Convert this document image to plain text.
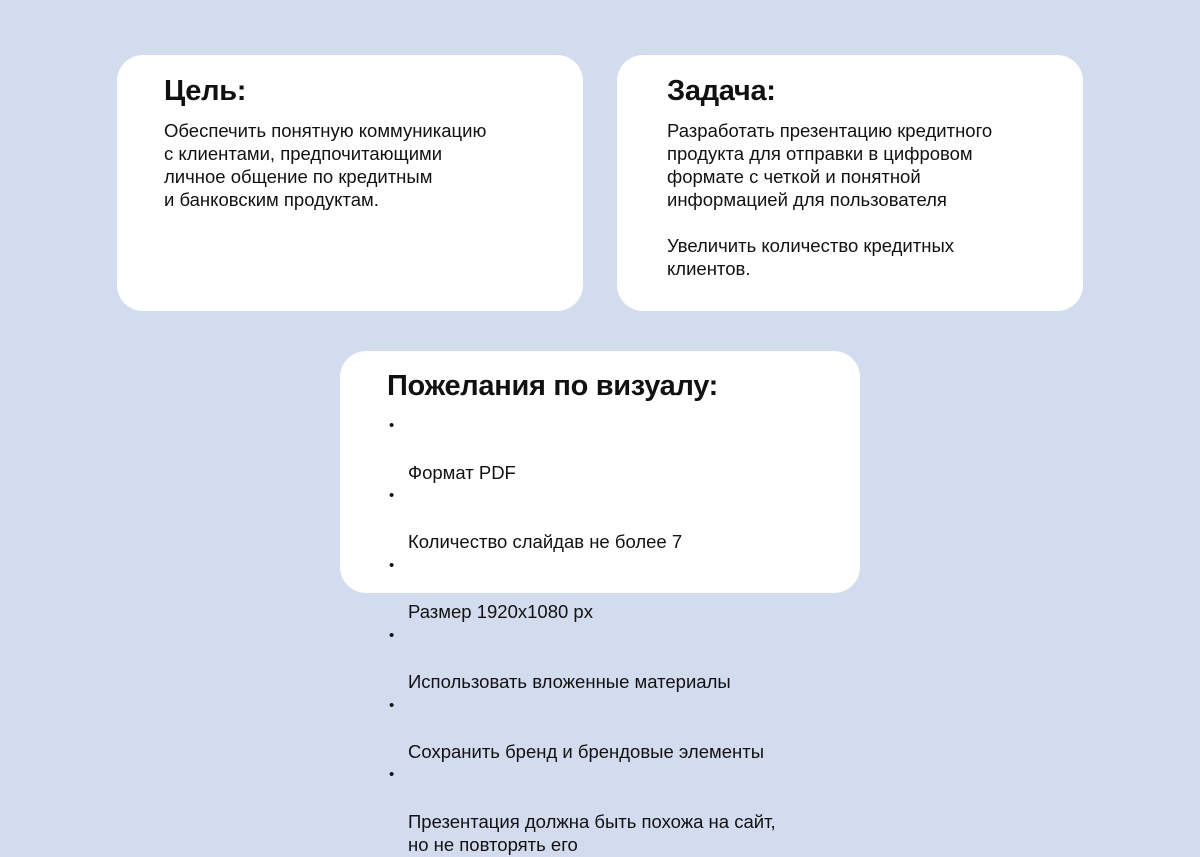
Цель:

Обеспечить понятную коммуникацию
с клиентами, предпочитающими
личное общение по кредитным
и банковским продуктам.

Задача:

Разработать презентацию кредитного
продукта для отправки в цифровом
формате с четкой и понятной
информацией для пользователя

Увеличить количество кредитных
клиентов.

Пожелания по визуалу:

•

Формат PDF

•

Количество слайдав не более 7

•

Размер 1920x1080 px

•

Использовать вложенные материалы

•

Сохранить бренд и брендовые элементы

•

Презентация должна быть похожа на сайт,
но не повторять его
